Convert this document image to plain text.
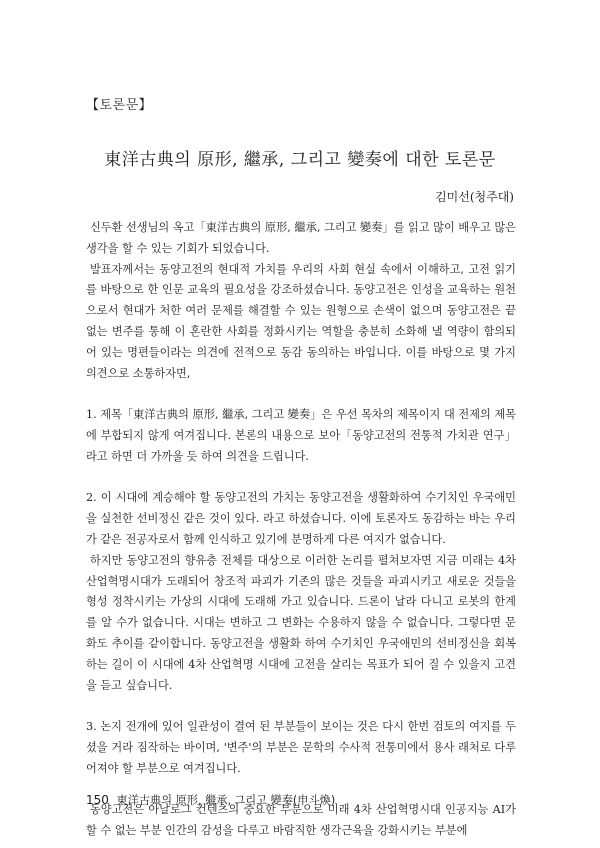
【토론문】
東洋古典의 原形, 繼承, 그리고 變奏에 대한 토론문
김미선(청주대)

신두환 선생님의 옥고「東洋古典의 原形, 繼承, 그리고 變奏」를 읽고 많이 배우고 많은 생각을 할 수 있는 기회가 되었습니다.

발표자께서는 동양고전의 현대적 가치를 우리의 사회 현실 속에서 이해하고, 고전 읽기를 바탕으로 한 인문 교육의 필요성을 강조하셨습니다. 동양고전은 인성을 교육하는 원천으로서 현대가 처한 여러 문제를 해결할 수 있는 원형으로 손색이 없으며 동양고전은 끝없는 변주를 통해 이 혼란한 사회를 정화시키는 역할을 충분히 소화해 낼 역량이 함의되어 있는 명편들이라는 의견에 전적으로 동감 동의하는 바입니다. 이를 바탕으로 몇 가지 의견으로 소통하자면,

1. 제목「東洋古典의 原形, 繼承, 그리고 變奏」은 우선 목차의 제목이지 대 전제의 제목에 부합되지 않게 여겨집니다. 본론의 내용으로 보아「동양고전의 전통적 가치관 연구」라고 하면 더 가까울 듯 하여 의견을 드립니다.

2. 이 시대에 계승해야 할 동양고전의 가치는 동양고전을 생활화하여 수기치인 우국애민을 실천한 선비정신 같은 것이 있다. 라고 하셨습니다. 이에 토론자도 동감하는 바는 우리가 같은 전공자로서 함께 인식하고 있기에 분명하게 다른 여지가 없습니다.

하지만 동양고전의 향유층 전체를 대상으로 이러한 논리를 펼쳐보자면 지금 미래는 4차 산업혁명시대가 도래되어 창조적 파괴가 기존의 많은 것들을 파괴시키고 새로운 것들을 형성 정착시키는 가상의 시대에 도래해 가고 있습니다. 드론이 날라 다니고 로봇의 한계를 알 수가 없습니다. 시대는 변하고 그 변화는 수용하지 않을 수 없습니다. 그렇다면 문화도 추이를 같이합니다. 동양고전을 생활화 하여 수기치인 우국애민의 선비정신을 회복하는 길이 이 시대에 4차 산업혁명 시대에 고전을 살리는 목표가 되어 질 수 있을지 고견을 듣고 싶습니다.

3. 논지 전개에 있어 일관성이 결여 된 부분들이 보이는 것은 다시 한번 검토의 여지를 두셨을 거라 짐작하는 바이며, '변주'의 부분은 문학의 수사적 전통미에서 용사 래처로 다루어져야 할 부분으로 여겨집니다.

동양고전은 아날로그 컨텐츠의 중요한 부분으로 미래 4차 산업혁명시대 인공지능 AI가 할 수 없는 부분 인간의 감성을 다루고 바람직한 생각근육을 강화시키는 부분에

150 東洋古典의 原形, 繼承, 그리고 變奏(申斗煥)
